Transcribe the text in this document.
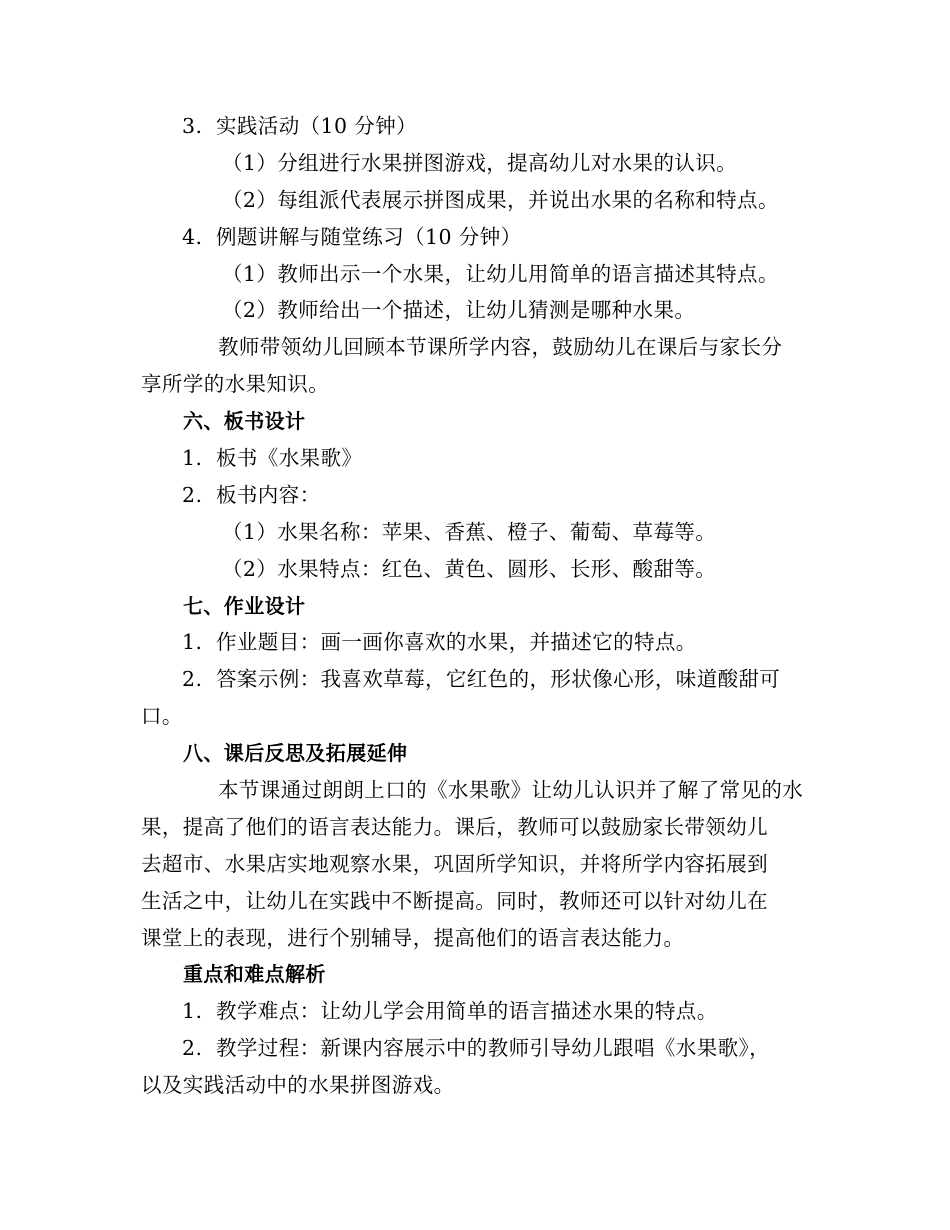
3. 实践活动（10 分钟）
（1）分组进行水果拼图游戏，提高幼儿对水果的认识。
（2）每组派代表展示拼图成果，并说出水果的名称和特点。
4. 例题讲解与随堂练习（10 分钟）
（1）教师出示一个水果，让幼儿用简单的语言描述其特点。
（2）教师给出一个描述，让幼儿猜测是哪种水果。
教师带领幼儿回顾本节课所学内容，鼓励幼儿在课后与家长分
享所学的水果知识。
六、板书设计
1. 板书《水果歌》
2. 板书内容：
（1）水果名称：苹果、香蕉、橙子、葡萄、草莓等。
（2）水果特点：红色、黄色、圆形、长形、酸甜等。
七、作业设计
1. 作业题目：画一画你喜欢的水果，并描述它的特点。
2. 答案示例：我喜欢草莓，它红色的，形状像心形，味道酸甜可
口。
八、课后反思及拓展延伸
本节课通过朗朗上口的《水果歌》让幼儿认识并了解了常见的水
果，提高了他们的语言表达能力。课后，教师可以鼓励家长带领幼儿
去超市、水果店实地观察水果，巩固所学知识，并将所学内容拓展到
生活之中，让幼儿在实践中不断提高。同时，教师还可以针对幼儿在
课堂上的表现，进行个别辅导，提高他们的语言表达能力。
重点和难点解析
1. 教学难点：让幼儿学会用简单的语言描述水果的特点。
2. 教学过程：新课内容展示中的教师引导幼儿跟唱《水果歌》，
以及实践活动中的水果拼图游戏。
